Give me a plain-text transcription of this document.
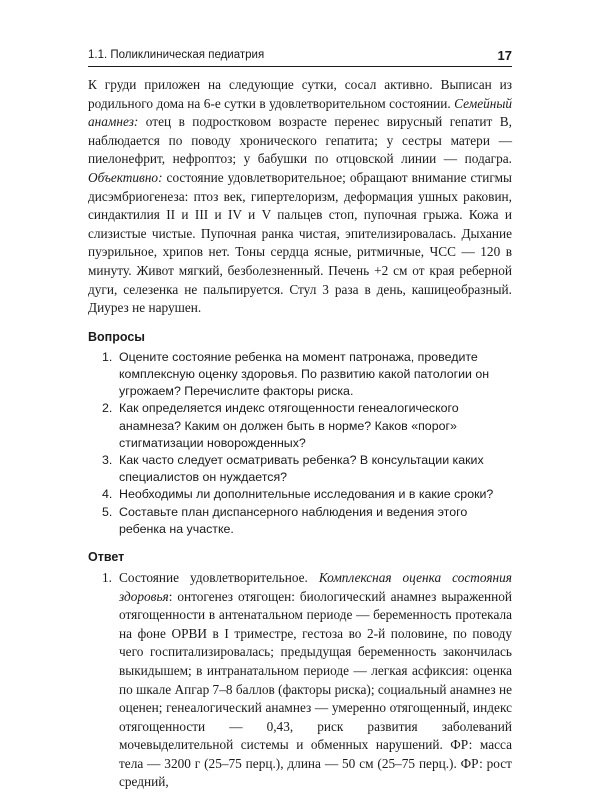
1.1. Поликлиническая педиатрия	17

К груди приложен на следующие сутки, сосал активно. Выписан из родильного дома на 6-е сутки в удовлетворительном состоянии. Семейный анамнез: отец в подростковом возрасте перенес вирусный гепатит В, наблюдается по поводу хронического гепатита; у сестры матери — пиелонефрит, нефроптоз; у бабушки по отцовской линии — подагра. Объективно: состояние удовлетворительное; обращают внимание стигмы дисэмбриогенеза: птоз век, гипертелоризм, деформация ушных раковин, синдактилия II и III и IV и V пальцев стоп, пупочная грыжа. Кожа и слизистые чистые. Пупочная ранка чистая, эпителизировалась. Дыхание пуэрильное, хрипов нет. Тоны сердца ясные, ритмичные, ЧСС — 120 в минуту. Живот мягкий, безболезненный. Печень +2 см от края реберной дуги, селезенка не пальпируется. Стул 3 раза в день, кашицеобразный. Диурез не нарушен.

Вопросы
1. Оцените состояние ребенка на момент патронажа, проведите комплексную оценку здоровья. По развитию какой патологии он угрожаем? Перечислите факторы риска.
2. Как определяется индекс отягощенности генеалогического анамнеза? Каким он должен быть в норме? Каков «порог» стигматизации новорожденных?
3. Как часто следует осматривать ребенка? В консультации каких специалистов он нуждается?
4. Необходимы ли дополнительные исследования и в какие сроки?
5. Составьте план диспансерного наблюдения и ведения этого ребенка на участке.
Ответ
1. Состояние удовлетворительное. Комплексная оценка состояния здоровья: онтогенез отягощен: биологический анамнез выраженной отягощенности в антенатальном периоде — беременность протекала на фоне ОРВИ в I триместре, гестоза во 2-й половине, по поводу чего госпитализировалась; предыдущая беременность закончилась выкидышем; в интранатальном периоде — легкая асфиксия: оценка по шкале Апгар 7–8 баллов (факторы риска); социальный анамнез не оценен; генеалогический анамнез — умеренно отягощенный, индекс отягощенности — 0,43, риск развития заболеваний мочевыделительной системы и обменных нарушений. ФР: масса тела — 3200 г (25–75 перц.), длина — 50 см (25–75 перц.). ФР: рост средний,
